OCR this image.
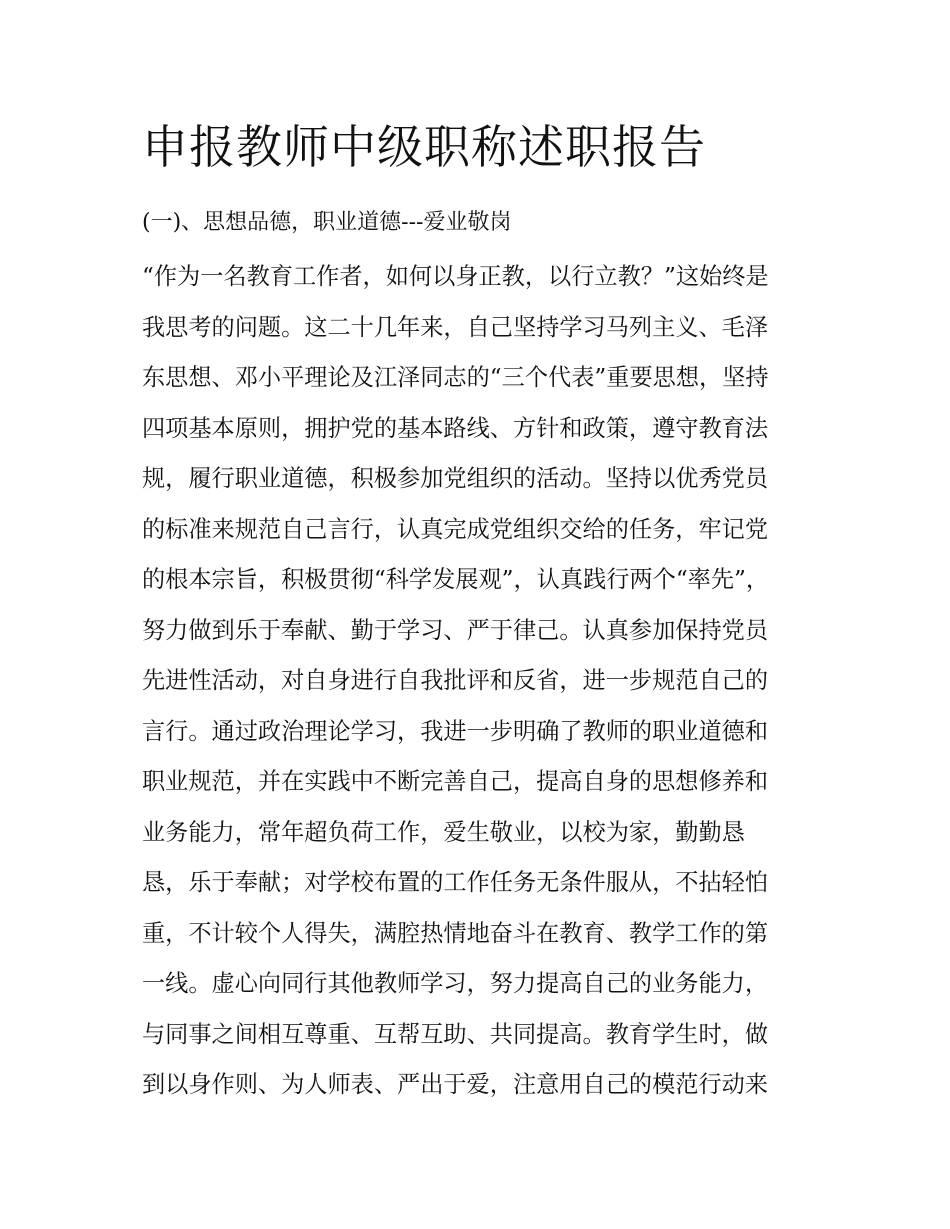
申报教师中级职称述职报告
(一)、思想品德，职业道德---爱业敬岗
“作为一名教育工作者，如何以身正教，以行立教？”这始终是
我思考的问题。这二十几年来，自己坚持学习马列主义、毛泽
东思想、邓小平理论及江泽同志的“三个代表”重要思想，坚持
四项基本原则，拥护党的基本路线、方针和政策，遵守教育法
规，履行职业道德，积极参加党组织的活动。坚持以优秀党员
的标准来规范自己言行，认真完成党组织交给的任务，牢记党
的根本宗旨，积极贯彻“科学发展观”，认真践行两个“率先”，
努力做到乐于奉献、勤于学习、严于律己。认真参加保持党员
先进性活动，对自身进行自我批评和反省，进一步规范自己的
言行。通过政治理论学习，我进一步明确了教师的职业道德和
职业规范，并在实践中不断完善自己，提高自身的思想修养和
业务能力，常年超负荷工作，爱生敬业，以校为家，勤勤恳
恳，乐于奉献；对学校布置的工作任务无条件服从，不拈轻怕
重，不计较个人得失，满腔热情地奋斗在教育、教学工作的第
一线。虚心向同行其他教师学习，努力提高自己的业务能力，
与同事之间相互尊重、互帮互助、共同提高。教育学生时，做
到以身作则、为人师表、严出于爱，注意用自己的模范行动来
